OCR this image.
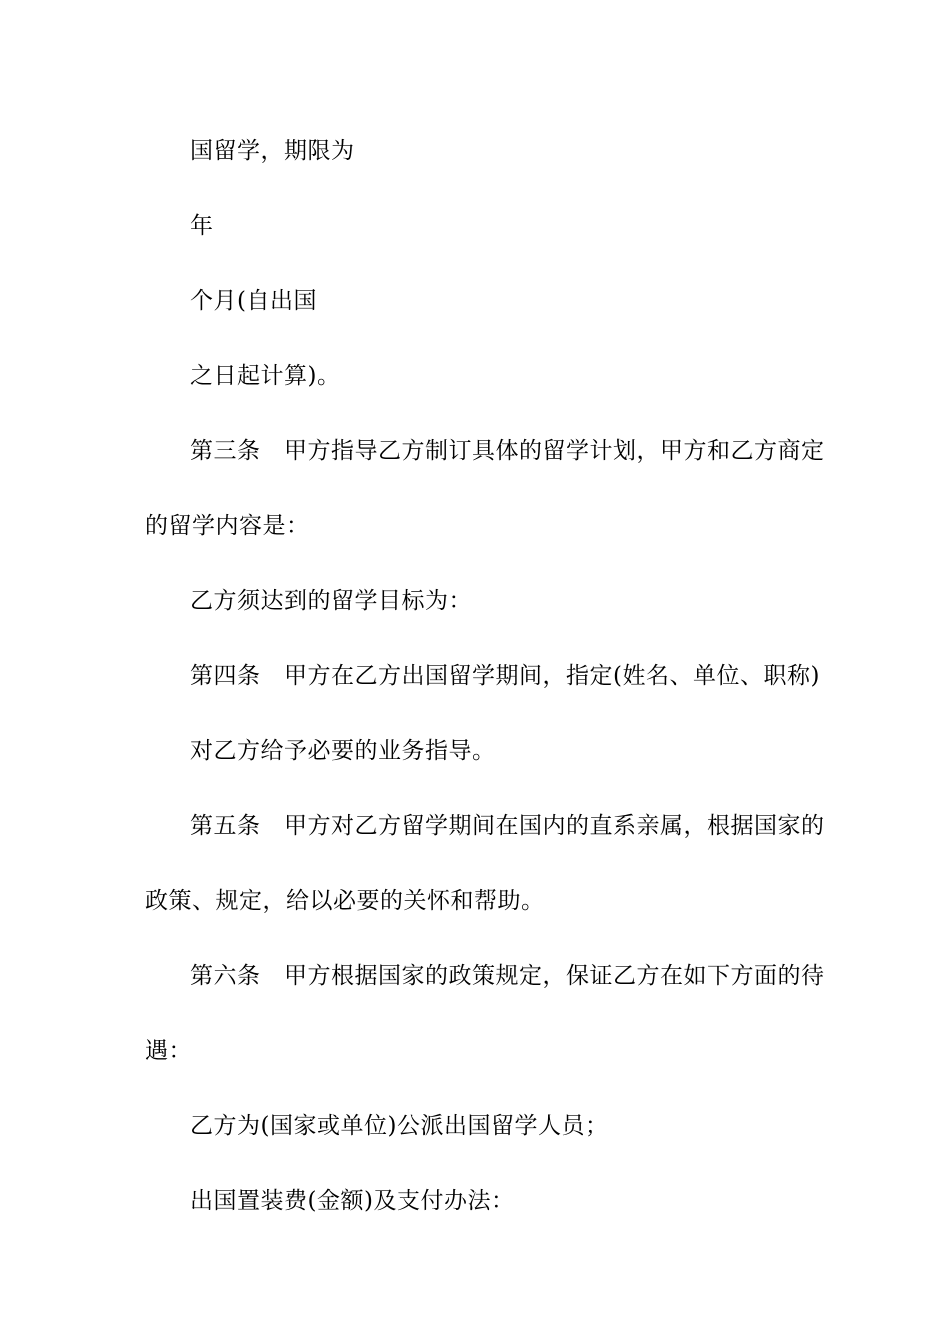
国留学，期限为
年
个月(自出国
之日起计算)。
第三条　甲方指导乙方制订具体的留学计划，甲方和乙方商定
的留学内容是：
乙方须达到的留学目标为：
第四条　甲方在乙方出国留学期间，指定(姓名、单位、职称)
对乙方给予必要的业务指导。
第五条　甲方对乙方留学期间在国内的直系亲属，根据国家的
政策、规定，给以必要的关怀和帮助。
第六条　甲方根据国家的政策规定，保证乙方在如下方面的待
遇：
乙方为(国家或单位)公派出国留学人员；
出国置装费(金额)及支付办法：
